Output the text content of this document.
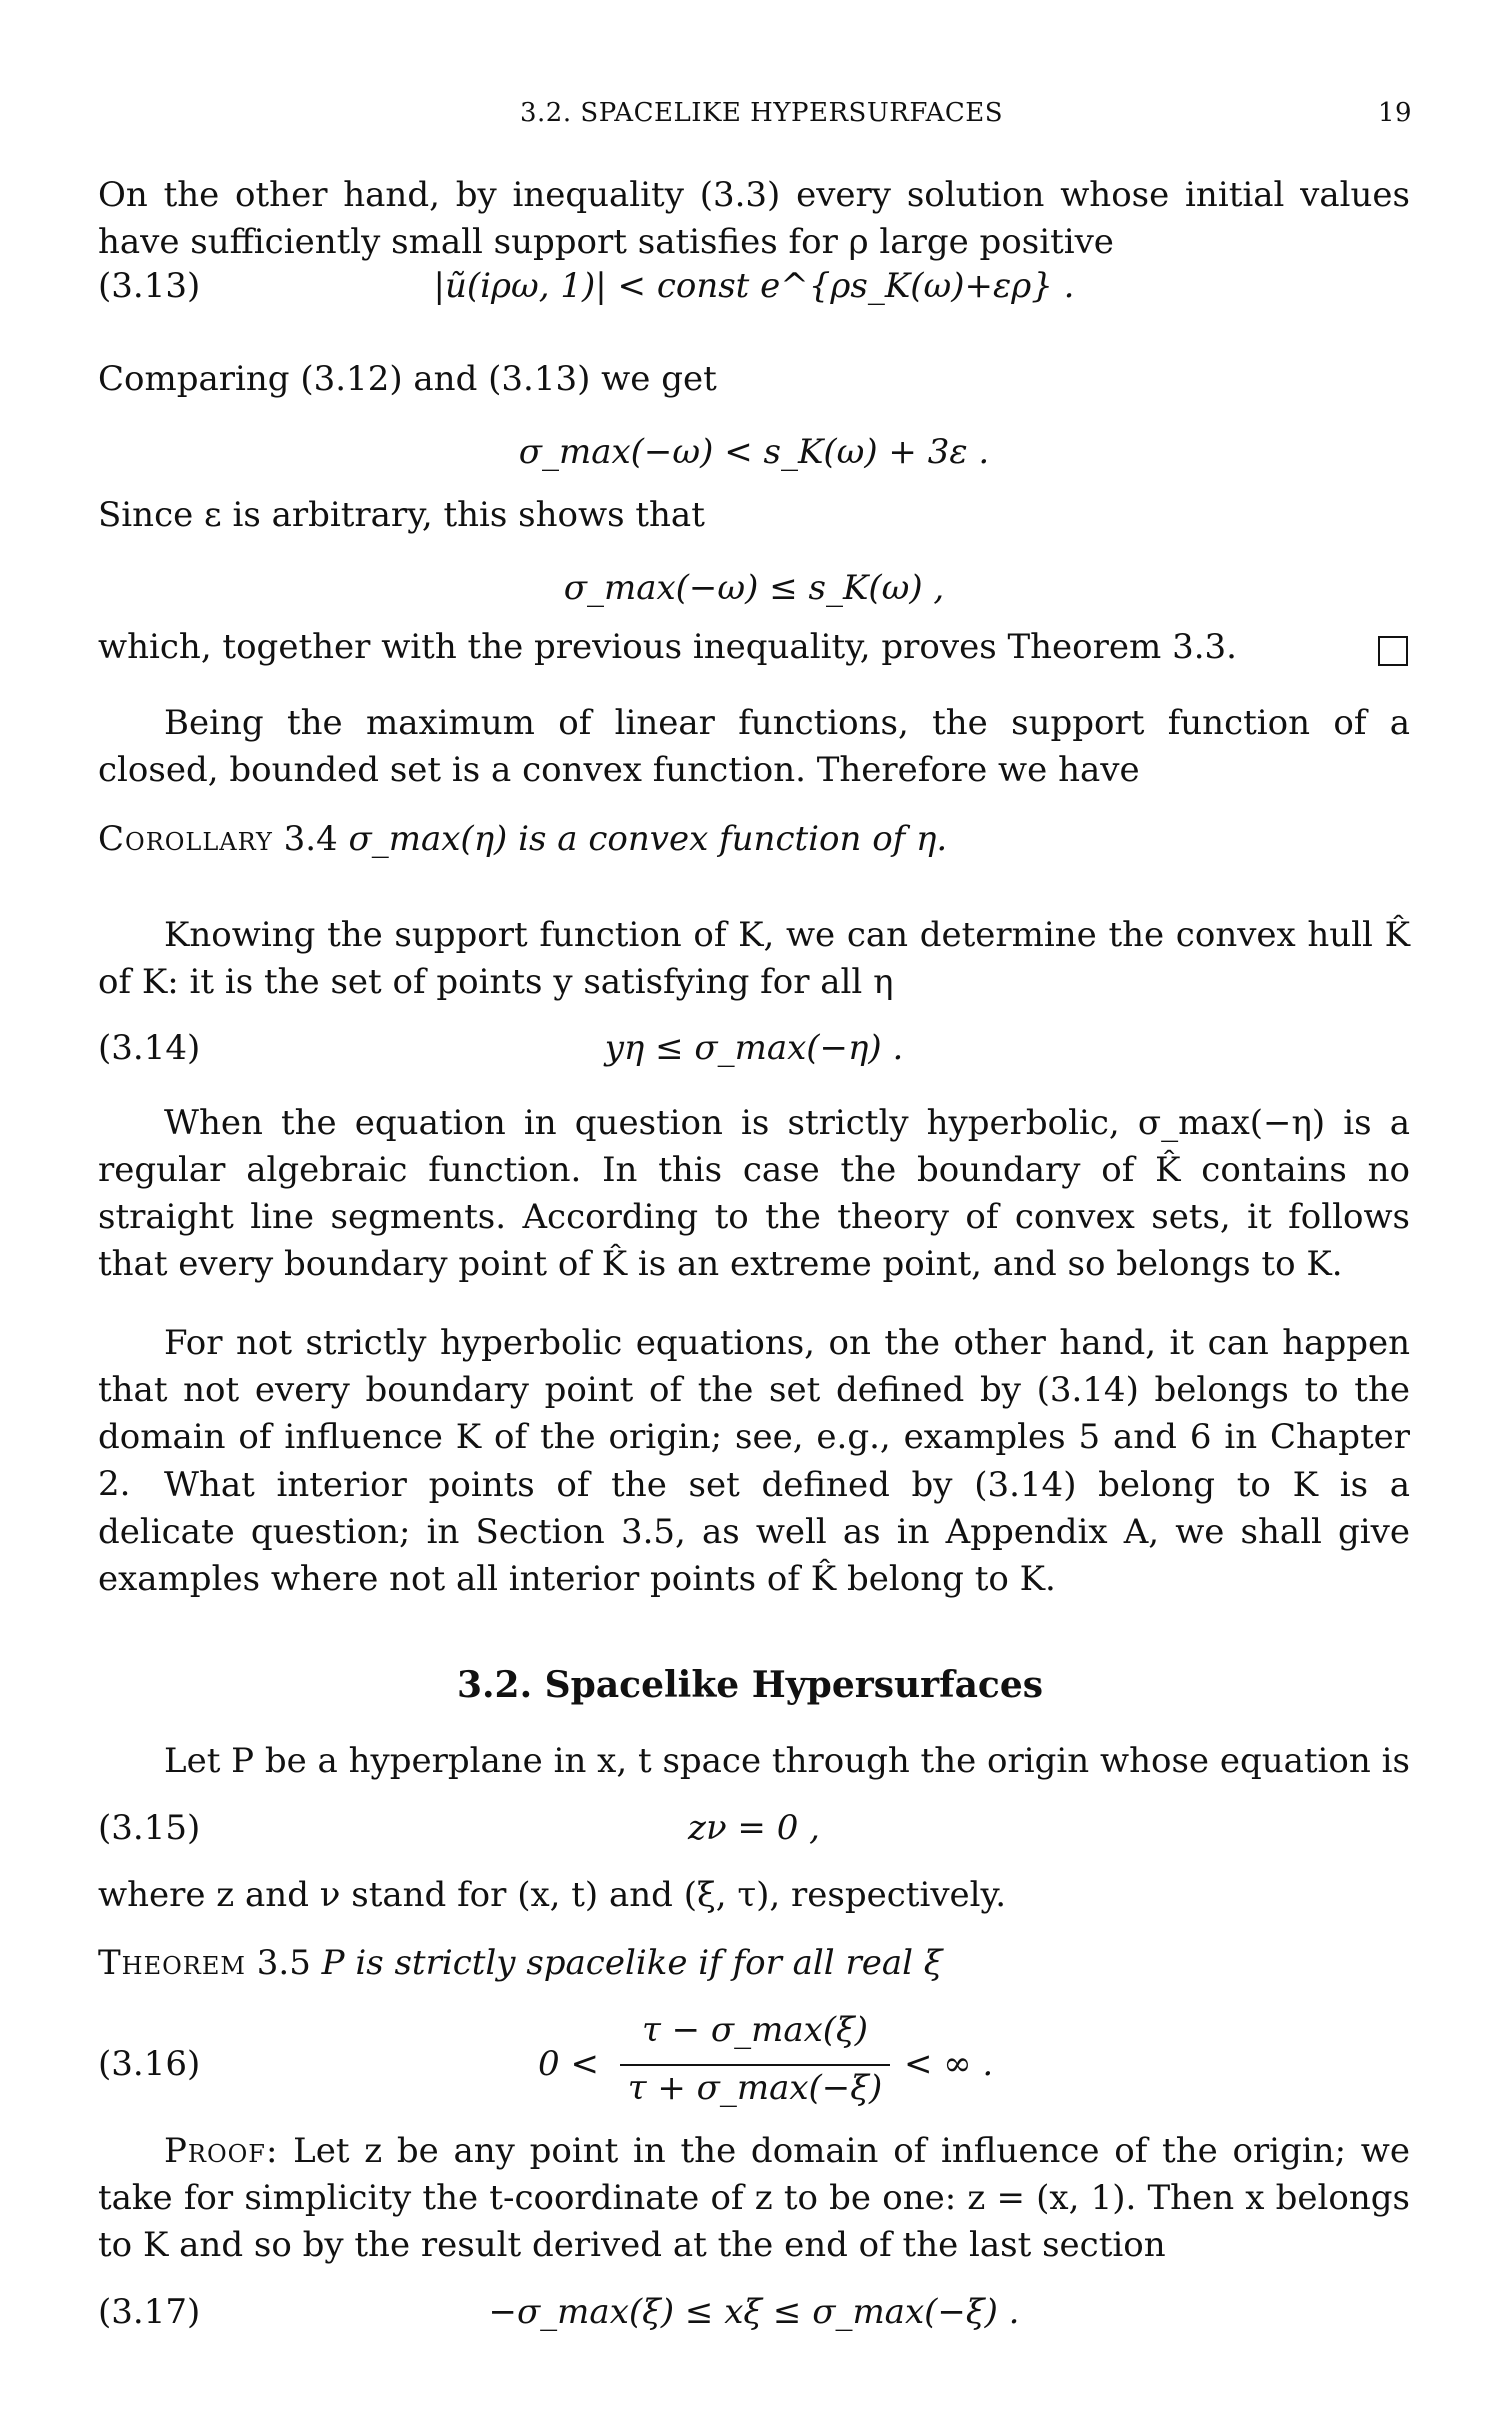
3.2. SPACELIKE HYPERSURFACES	19

On the other hand, by inequality (3.3) every solution whose initial values have sufficiently small support satisfies for ρ large positive

(3.13)	|ũ(iρω, 1)| < const e^{ρs_K(ω)+ερ} .

Comparing (3.12) and (3.13) we get

σ_max(−ω) < s_K(ω) + 3ε .

Since ε is arbitrary, this shows that

σ_max(−ω) ≤ s_K(ω) ,

which, together with the previous inequality, proves Theorem 3.3.

Being the maximum of linear functions, the support function of a closed, bounded set is a convex function. Therefore we have

Corollary 3.4 σ_max(η) is a convex function of η.

Knowing the support function of K, we can determine the convex hull K̂ of K: it is the set of points y satisfying for all η

(3.14)	yη ≤ σ_max(−η) .

When the equation in question is strictly hyperbolic, σ_max(−η) is a regular algebraic function. In this case the boundary of K̂ contains no straight line segments. According to the theory of convex sets, it follows that every boundary point of K̂ is an extreme point, and so belongs to K.

For not strictly hyperbolic equations, on the other hand, it can happen that not every boundary point of the set defined by (3.14) belongs to the domain of influence K of the origin; see, e.g., examples 5 and 6 in Chapter 2. What interior points of the set defined by (3.14) belong to K is a delicate question; in Section 3.5, as well as in Appendix A, we shall give examples where not all interior points of K̂ belong to K.

3.2. Spacelike Hypersurfaces

Let P be a hyperplane in x, t space through the origin whose equation is

(3.15)	zν = 0 ,

where z and ν stand for (x, t) and (ξ, τ), respectively.

Theorem 3.5 P is strictly spacelike if for all real ξ
(3.16)	0 <
τ − σ_max(ξ)
τ + σ_max(−ξ)
< ∞ .
Proof: Let z be any point in the domain of influence of the origin; we take for simplicity the t-coordinate of z to be one: z = (x, 1). Then x belongs to K and so by the result derived at the end of the last section
(3.17)	−σ_max(ξ) ≤ xξ ≤ σ_max(−ξ) .
